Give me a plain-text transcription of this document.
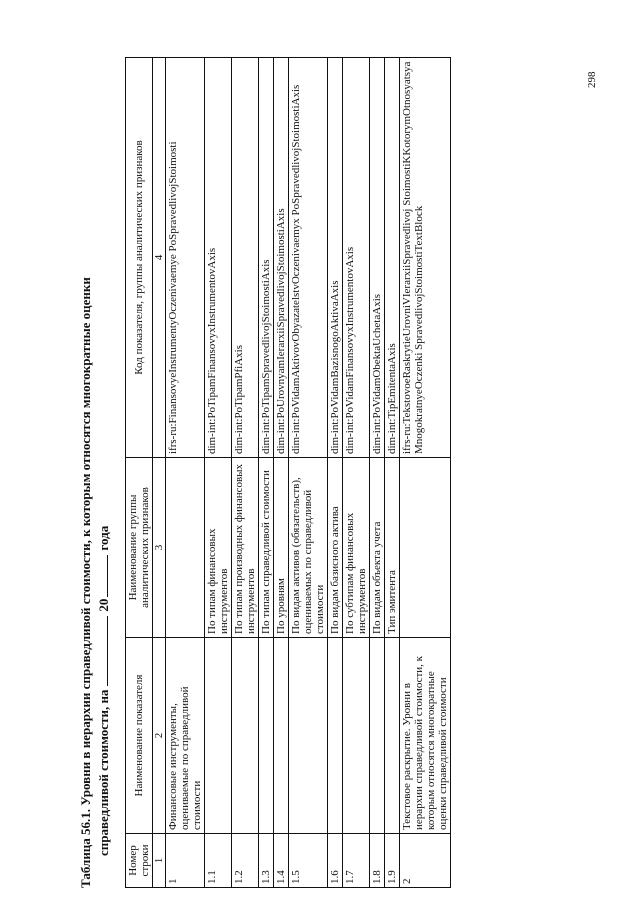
298
Таблица 56.1. Уровни в иерархии справедливой стоимости, к которым относятся многократные оценки справедливой стоимости, на20года
Номер строки	Наименование показателя	Наименование группы аналитических признаков	Код показателя, группы аналитических признаков
1	2	3	4
1	Финансовые инструменты, оцениваемые по справедливой стоимости		ifrs-ru:FinansovyeInstrumentyOczenivaemye PoSpravedlivojStoimosti
1.1		По типам финансовых инструментов	dim-int:PoTipamFinansovyxInstrumentovAxis
1.2		По типам производных финансовых инструментов	dim-int:PoTipamPfiAxis
1.3		По типам справедливой стоимости	dim-int:PoTipamSpravedlivojStoimostiAxis
1.4		По уровням	dim-int:PoUrovnyamIerarxiiSpravedlivojStoimostiAxis
1.5		По видам активов (обязательств), оцениваемых по справедливой стоимости	dim-int:PoVidamAktivovObyazatelstvOczenivaemyx PoSpravedlivojStoimostiAxis
1.6		По видам базисного актива	dim-int:PoVidamBazisnogoAktivaAxis
1.7		По субтипам финансовых инструментов	dim-int:PoVidamFinansovyxInstrumentovAxis
1.8		По видам объекта учета	dim-int:PoVidamObektaUchetaAxis
1.9		Тип эмитента	dim-int:TipEmitentaAxis
2	Текстовое раскрытие. Уровни в иерархии справедливой стоимости, к которым относятся многократные оценки справедливой стоимости		ifrs-ru:TekstovoeRaskrytieUrovniVIerarxiiSpravedlivoj StoimostiKKotorymOtnosyatsyaMnogokratnyeOczenki SpravedlivojStoimostiTextBlock
